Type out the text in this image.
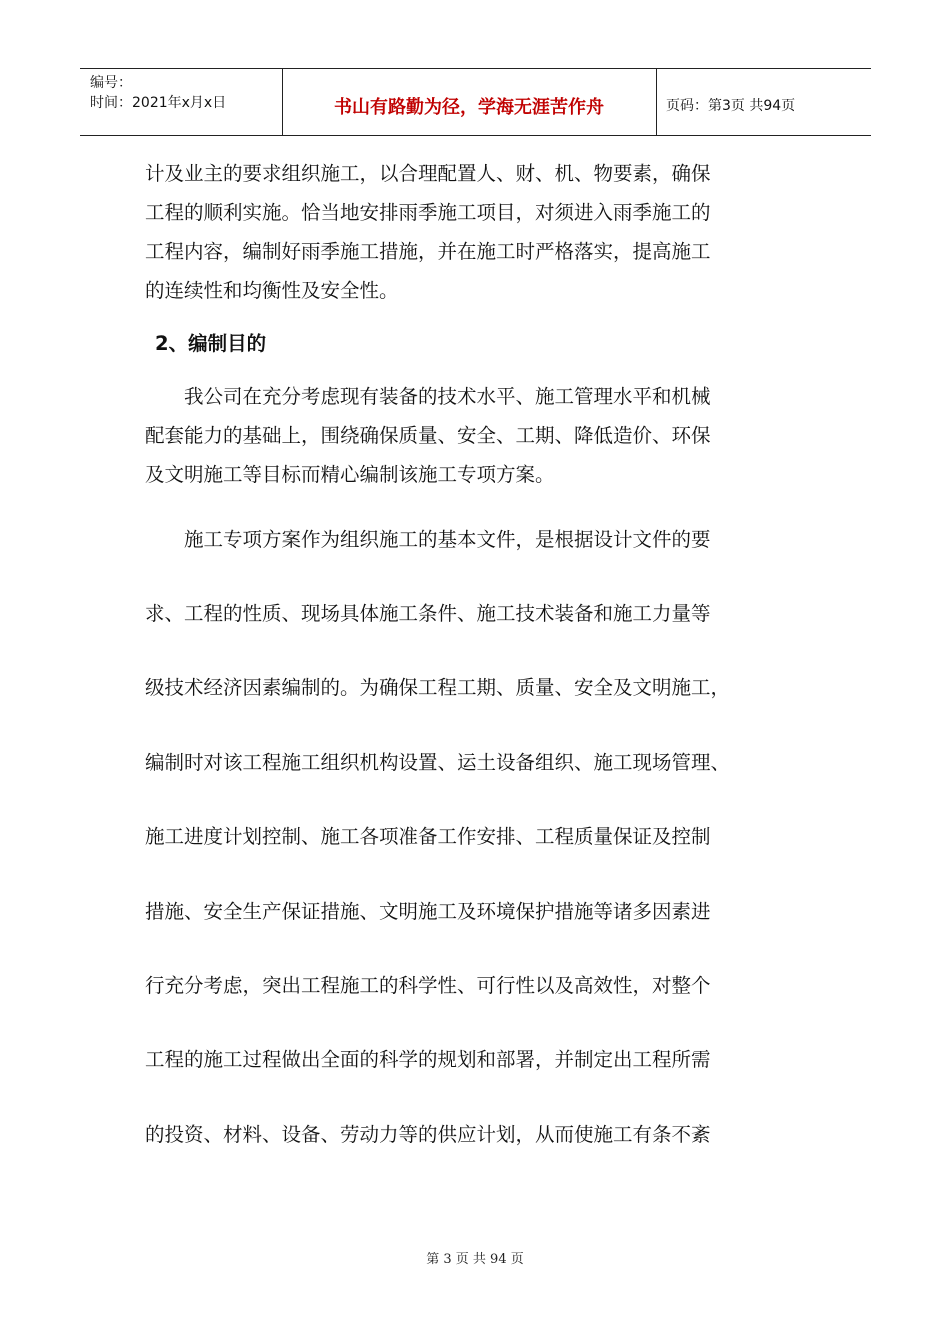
编号：
时间：2021年x月x日	书山有路勤为径，学海无涯苦作舟	页码：第3页 共94页

计及业主的要求组织施工，以合理配置人、财、机、物要素，确保

工程的顺利实施。恰当地安排雨季施工项目，对须进入雨季施工的

工程内容，编制好雨季施工措施，并在施工时严格落实，提高施工

的连续性和均衡性及安全性。

2、编制目的

　　我公司在充分考虑现有装备的技术水平、施工管理水平和机械

配套能力的基础上，围绕确保质量、安全、工期、降低造价、环保

及文明施工等目标而精心编制该施工专项方案。

　　施工专项方案作为组织施工的基本文件，是根据设计文件的要

求、工程的性质、现场具体施工条件、施工技术装备和施工力量等

级技术经济因素编制的。为确保工程工期、质量、安全及文明施工，

编制时对该工程施工组织机构设置、运土设备组织、施工现场管理、

施工进度计划控制、施工各项准备工作安排、工程质量保证及控制

措施、安全生产保证措施、文明施工及环境保护措施等诸多因素进

行充分考虑，突出工程施工的科学性、可行性以及高效性，对整个

工程的施工过程做出全面的科学的规划和部署，并制定出工程所需

的投资、材料、设备、劳动力等的供应计划，从而使施工有条不紊

第 3 页 共 94 页
